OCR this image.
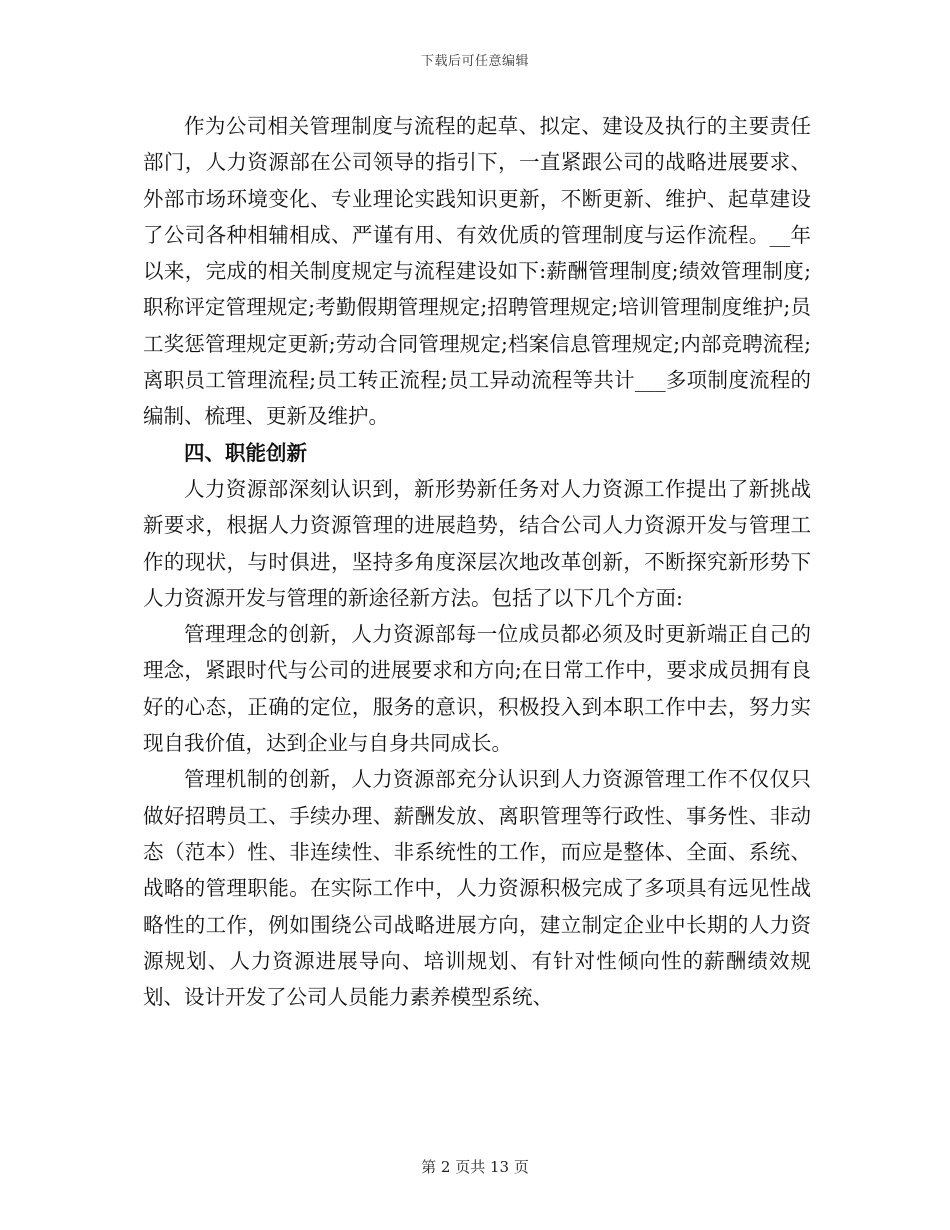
下载后可任意编辑

作为公司相关管理制度与流程的起草、拟定、建设及执行的主要责任部门，人力资源部在公司领导的指引下，一直紧跟公司的战略进展要求、外部市场环境变化、专业理论实践知识更新，不断更新、维护、起草建设了公司各种相辅相成、严谨有用、有效优质的管理制度与运作流程。__年以来，完成的相关制度规定与流程建设如下:薪酬管理制度;绩效管理制度;职称评定管理规定;考勤假期管理规定;招聘管理规定;培训管理制度维护;员工奖惩管理规定更新;劳动合同管理规定;档案信息管理规定;内部竞聘流程;离职员工管理流程;员工转正流程;员工异动流程等共计___多项制度流程的编制、梳理、更新及维护。

四、职能创新

人力资源部深刻认识到，新形势新任务对人力资源工作提出了新挑战新要求，根据人力资源管理的进展趋势，结合公司人力资源开发与管理工作的现状，与时俱进，坚持多角度深层次地改革创新，不断探究新形势下人力资源开发与管理的新途径新方法。包括了以下几个方面:

管理理念的创新，人力资源部每一位成员都必须及时更新端正自己的理念，紧跟时代与公司的进展要求和方向;在日常工作中，要求成员拥有良好的心态，正确的定位，服务的意识，积极投入到本职工作中去，努力实现自我价值，达到企业与自身共同成长。

管理机制的创新，人力资源部充分认识到人力资源管理工作不仅仅只做好招聘员工、手续办理、薪酬发放、离职管理等行政性、事务性、非动态（范本）性、非连续性、非系统性的工作，而应是整体、全面、系统、战略的管理职能。在实际工作中，人力资源积极完成了多项具有远见性战略性的工作，例如围绕公司战略进展方向，建立制定企业中长期的人力资源规划、人力资源进展导向、培训规划、有针对性倾向性的薪酬绩效规划、设计开发了公司人员能力素养模型系统、

第 2 页共 13 页
